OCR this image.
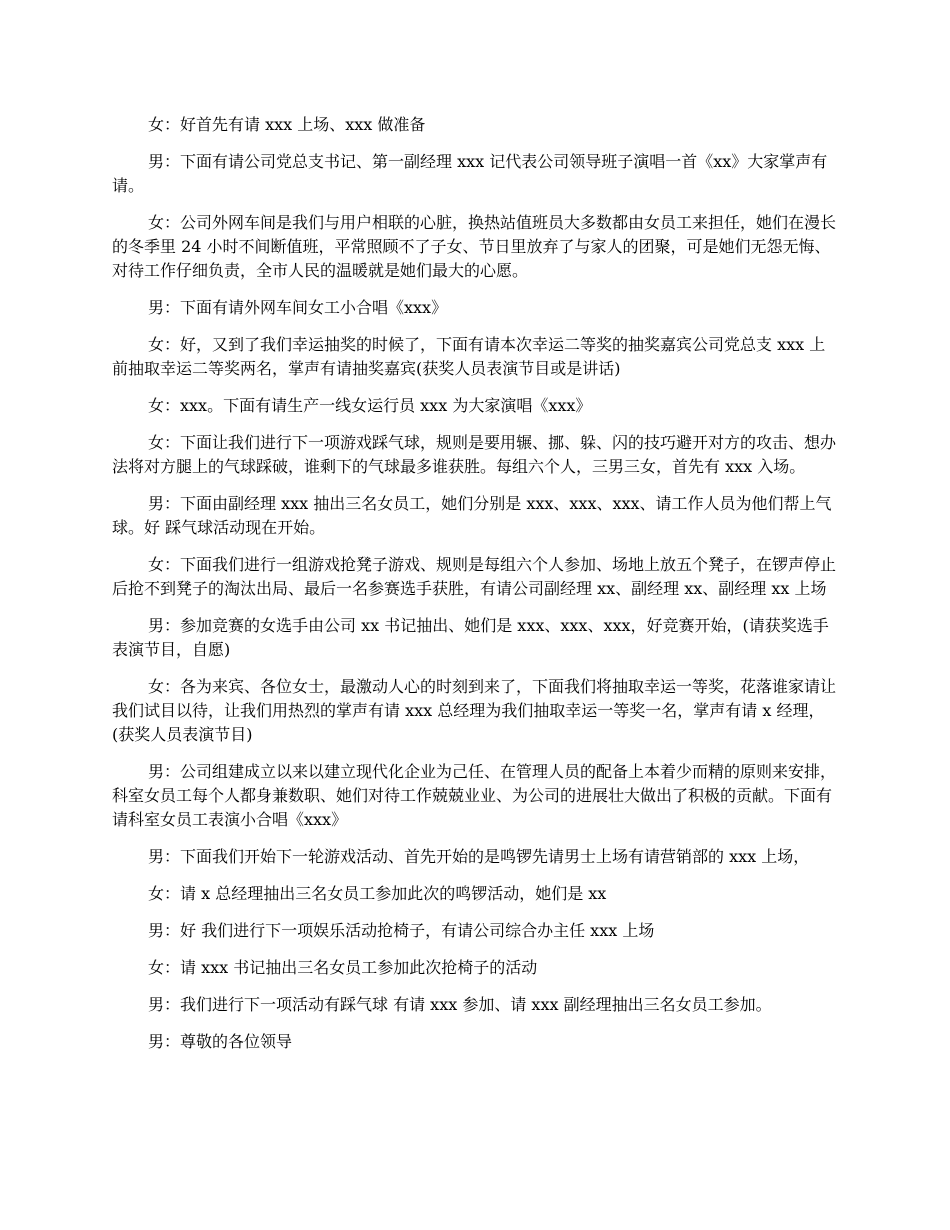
女：好首先有请 xxx 上场、xxx 做准备

男：下面有请公司党总支书记、第一副经理 xxx 记代表公司领导班子演唱一首《xx》大家掌声有请。

女：公司外网车间是我们与用户相联的心脏，换热站值班员大多数都由女员工来担任，她们在漫长的冬季里 24 小时不间断值班，平常照顾不了子女、节日里放弃了与家人的团聚，可是她们无怨无悔、对待工作仔细负责，全市人民的温暖就是她们最大的心愿。

男：下面有请外网车间女工小合唱《xxx》

女：好，又到了我们幸运抽奖的时候了，下面有请本次幸运二等奖的抽奖嘉宾公司党总支 xxx 上前抽取幸运二等奖两名，掌声有请抽奖嘉宾(获奖人员表演节目或是讲话)

女：xxx。下面有请生产一线女运行员 xxx 为大家演唱《xxx》

女：下面让我们进行下一项游戏踩气球，规则是要用辗、挪、躲、闪的技巧避开对方的攻击、想办法将对方腿上的气球踩破，谁剩下的气球最多谁获胜。每组六个人，三男三女，首先有 xxx 入场。

男：下面由副经理 xxx 抽出三名女员工，她们分别是 xxx、xxx、xxx、请工作人员为他们帮上气球。好 踩气球活动现在开始。

女：下面我们进行一组游戏抢凳子游戏、规则是每组六个人参加、场地上放五个凳子，在锣声停止后抢不到凳子的淘汰出局、最后一名参赛选手获胜，有请公司副经理 xx、副经理 xx、副经理 xx 上场

男：参加竞赛的女选手由公司 xx 书记抽出、她们是 xxx、xxx、xxx，好竞赛开始，(请获奖选手表演节目，自愿)

女：各为来宾、各位女士，最激动人心的时刻到来了，下面我们将抽取幸运一等奖，花落谁家请让我们试目以待，让我们用热烈的掌声有请 xxx 总经理为我们抽取幸运一等奖一名，掌声有请 x 经理，(获奖人员表演节目)

男：公司组建成立以来以建立现代化企业为己任、在管理人员的配备上本着少而精的原则来安排，科室女员工每个人都身兼数职、她们对待工作兢兢业业、为公司的进展壮大做出了积极的贡献。下面有请科室女员工表演小合唱《xxx》

男：下面我们开始下一轮游戏活动、首先开始的是鸣锣先请男士上场有请营销部的 xxx 上场，

女：请 x 总经理抽出三名女员工参加此次的鸣锣活动，她们是 xx

男：好 我们进行下一项娱乐活动抢椅子，有请公司综合办主任 xxx 上场

女：请 xxx 书记抽出三名女员工参加此次抢椅子的活动

男：我们进行下一项活动有踩气球 有请 xxx 参加、请 xxx 副经理抽出三名女员工参加。

男：尊敬的各位领导
